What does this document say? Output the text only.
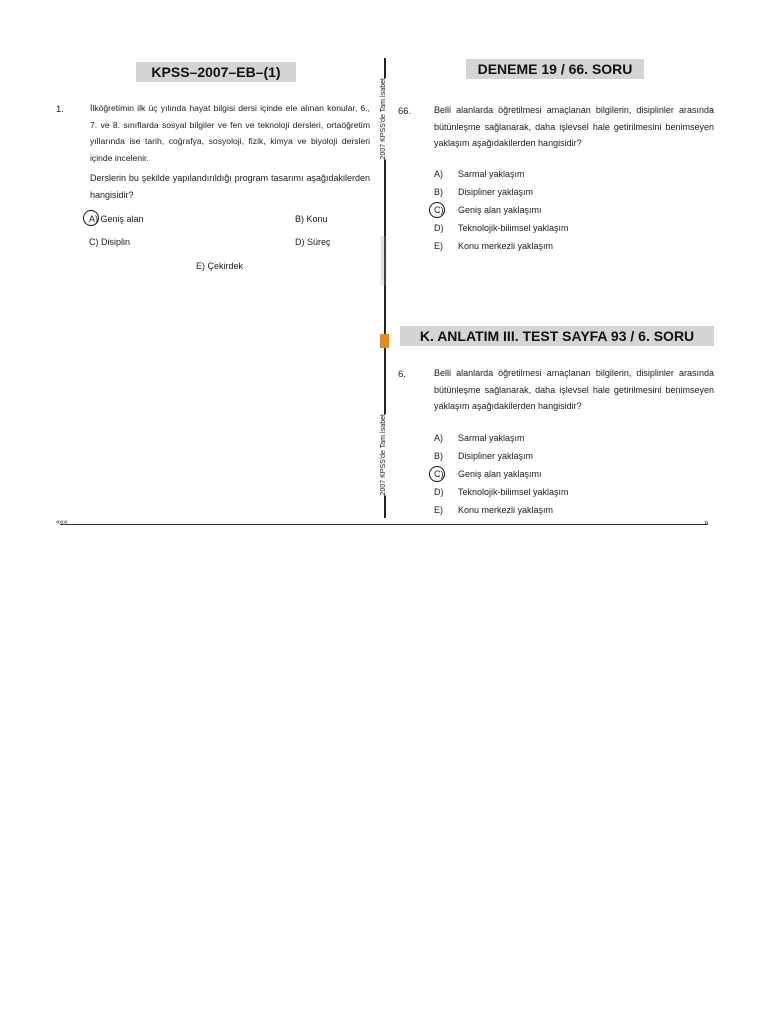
KPSS–2007–EB–(1)
1.	İlköğretimin ilk üç yılında hayat bilgisi dersi içinde ele alınan konular, 6., 7. ve 8. sınıflarda sosyal bilgiler ve fen ve teknoloji dersleri, ortaöğretim yıllarında ise tarih, coğrafya, sosyoloji, fizik, kimya ve biyoloji dersleri içinde incelenir.
Derslerin bu şekilde yapılandırıldığı program tasarımı aşağıdakilerden hangisidir?
A) Geniş alan	B) Konu
C) Disiplin	D) Süreç
E) Çekirdek
2007 KPSS'de Tam İsabet
▒▒▒▒▒▒▒▒▒▒▒▒▒▒
2007 KPSS'de Tam İsabet
DENEME 19 / 66. SORU
66.	Belli alanlarda öğretilmesi amaçlanan bilgilerin, disiplinler arasında bütünleşme sağlanarak, daha işlevsel hale getirilmesini benimseyen yaklaşım aşağıdakilerden hangisidir?
A) Sarmal yaklaşım
B) Disipliner yaklaşım
C) Geniş alan yaklaşımı
D) Teknolojik-bilimsel yaklaşım
E) Konu merkezli yaklaşım
K. ANLATIM III. TEST SAYFA 93 / 6. SORU
6.	Belli alanlarda öğretilmesi amaçlanan bilgilerin, disiplinler arasında bütünleşme sağlanarak, daha işlevsel hale getirilmesini benimseyen yaklaşım aşağıdakilerden hangisidir?
A) Sarmal yaklaşım
B) Disipliner yaklaşım
C) Geniş alan yaklaşımı
D) Teknolojik-bilimsel yaklaşım
E) Konu merkezli yaklaşım
«««	»
